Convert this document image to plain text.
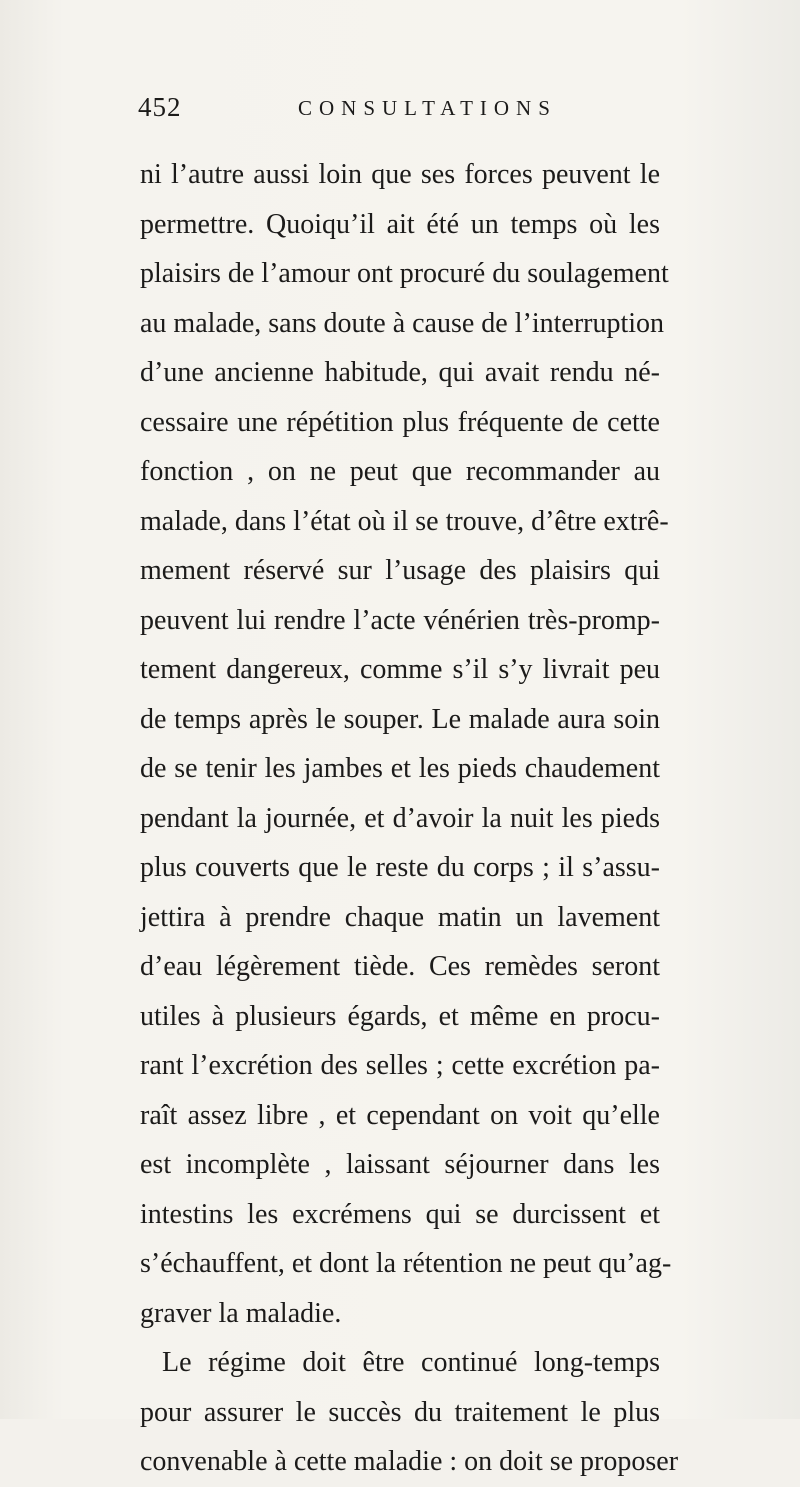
452	CONSULTATIONS
ni l’autre aussi loin que ses forces peuvent le
permettre. Quoiqu’il ait été un temps où les
plaisirs de l’amour ont procuré du soulagement
au malade, sans doute à cause de l’interruption
d’une ancienne habitude, qui avait rendu né-
cessaire une répétition plus fréquente de cette
fonction , on ne peut que recommander au
malade, dans l’état où il se trouve, d’être extrê-
mement réservé sur l’usage des plaisirs qui
peuvent lui rendre l’acte vénérien très-promp-
tement dangereux, comme s’il s’y livrait peu
de temps après le souper. Le malade aura soin
de se tenir les jambes et les pieds chaudement
pendant la journée, et d’avoir la nuit les pieds
plus couverts que le reste du corps ; il s’assu-
jettira à prendre chaque matin un lavement
d’eau légèrement tiède. Ces remèdes seront
utiles à plusieurs égards, et même en procu-
rant l’excrétion des selles ; cette excrétion pa-
raît assez libre , et cependant on voit qu’elle
est incomplète , laissant séjourner dans les
intestins les excrémens qui se durcissent et
s’échauffent, et dont la rétention ne peut qu’ag-
graver la maladie.
Le régime doit être continué long-temps
pour assurer le succès du traitement le plus
convenable à cette maladie : on doit se proposer
